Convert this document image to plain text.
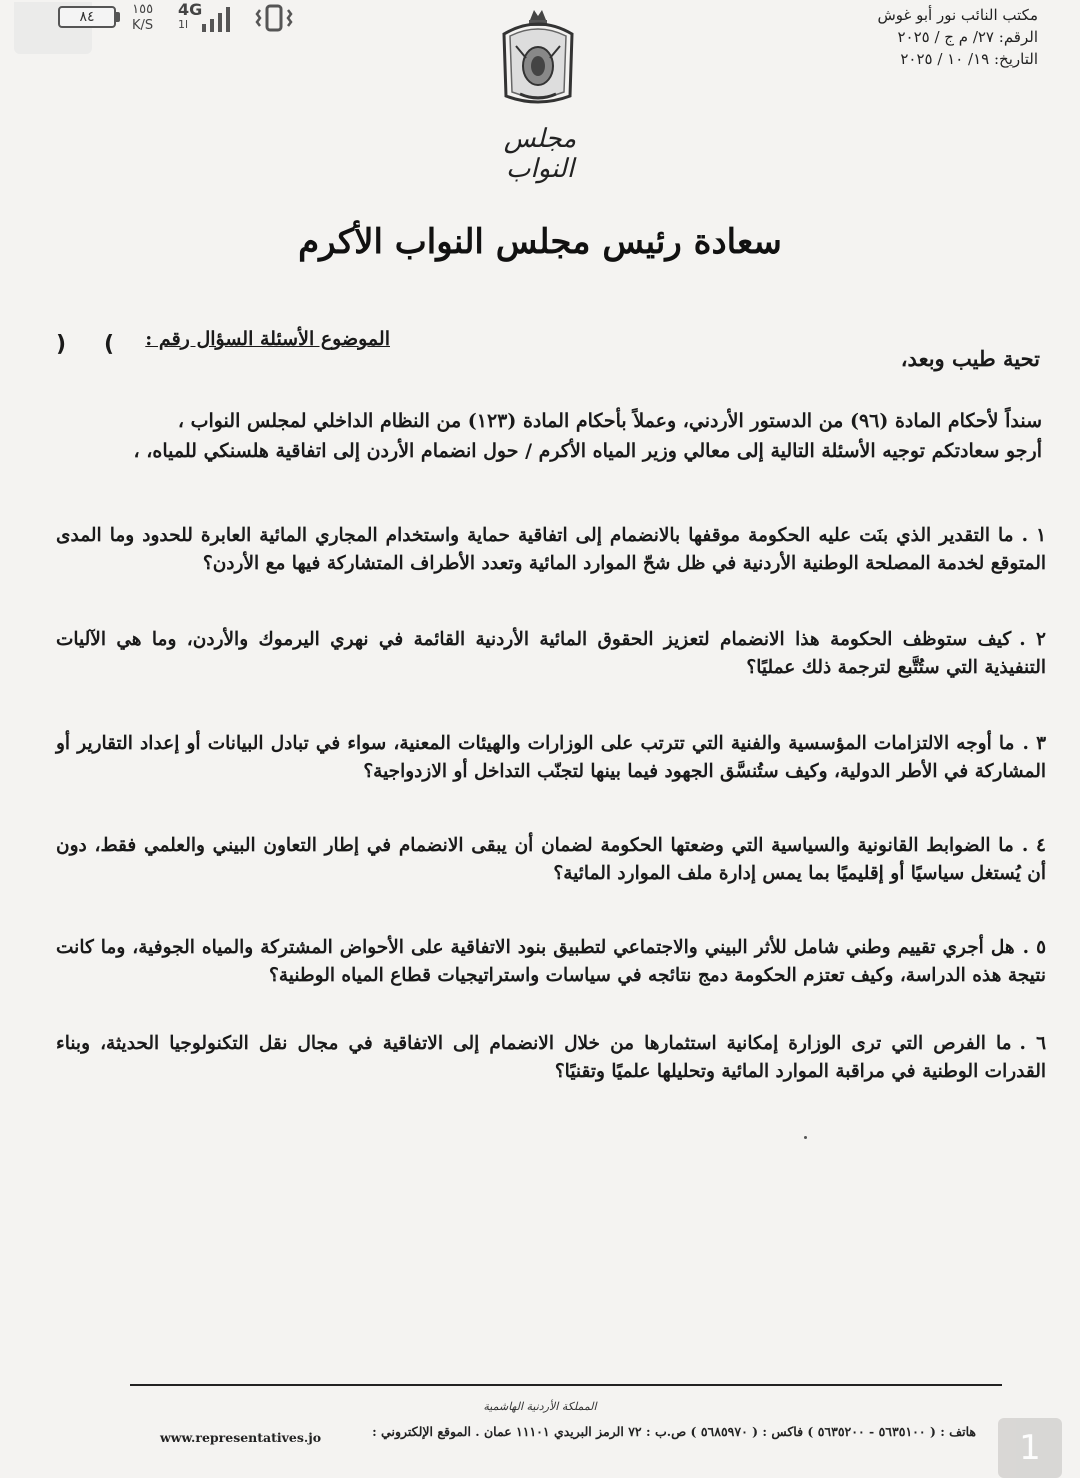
٨٤	١٥٥
K/S
4G
1l
مكتب النائب نور أبو غوش
الرقم: ٢٧/ م ج / ٢٠٢٥
التاريخ: ١٩/ ١٠ / ٢٠٢٥
مجلس النواب
سعادة رئيس مجلس النواب الأكرم
الموضوع الأسئلة السؤال رقم :
(
)
تحية طيب وبعد،
سنداً لأحكام المادة (٩٦) من الدستور الأردني، وعملاً بأحكام المادة (١٢٣) من النظام الداخلي لمجلس النواب ،
أرجو سعادتكم توجيه الأسئلة التالية إلى معالي وزير المياه الأكرم / حول انضمام الأردن إلى اتفاقية هلسنكي للمياه، ،
١ .ما التقدير الذي بنَت عليه الحكومة موقفها بالانضمام إلى اتفاقية حماية واستخدام المجاري المائية العابرة للحدود وما المدى المتوقع لخدمة المصلحة الوطنية الأردنية في ظل شحّ الموارد المائية وتعدد الأطراف المتشاركة فيها مع الأردن؟
٢ .كيف ستوظف الحكومة هذا الانضمام لتعزيز الحقوق المائية الأردنية القائمة في نهري اليرموك والأردن، وما هي الآليات التنفيذية التي ستُتَّبع لترجمة ذلك عمليًا؟
٣ .ما أوجه الالتزامات المؤسسية والفنية التي تترتب على الوزارات والهيئات المعنية، سواء في تبادل البيانات أو إعداد التقارير أو المشاركة في الأطر الدولية، وكيف ستُنسَّق الجهود فيما بينها لتجنّب التداخل أو الازدواجية؟
٤ .ما الضوابط القانونية والسياسية التي وضعتها الحكومة لضمان أن يبقى الانضمام في إطار التعاون البيني والعلمي فقط، دون أن يُستغل سياسيًا أو إقليميًا بما يمس إدارة ملف الموارد المائية؟
٥ .هل أجري تقييم وطني شامل للأثر البيني والاجتماعي لتطبيق بنود الاتفاقية على الأحواض المشتركة والمياه الجوفية، وما كانت نتيجة هذه الدراسة، وكيف تعتزم الحكومة دمج نتائجه في سياسات واستراتيجيات قطاع المياه الوطنية؟
٦ .ما الفرص التي ترى الوزارة إمكانية استثمارها من خلال الانضمام إلى الاتفاقية في مجال نقل التكنولوجيا الحديثة، وبناء القدرات الوطنية في مراقبة الموارد المائية وتحليلها علميًا وتقنيًا؟
المملكة الأردنية الهاشمية
هاتف : ( ٥٦٣٥١٠٠ - ٥٦٣٥٢٠٠ ) فاكس : ( ٥٦٨٥٩٧٠ ) ص.ب : ٧٢ الرمز البريدي ١١١٠١ عمان . الموقع الإلكتروني :
www.representatives.jo	1
